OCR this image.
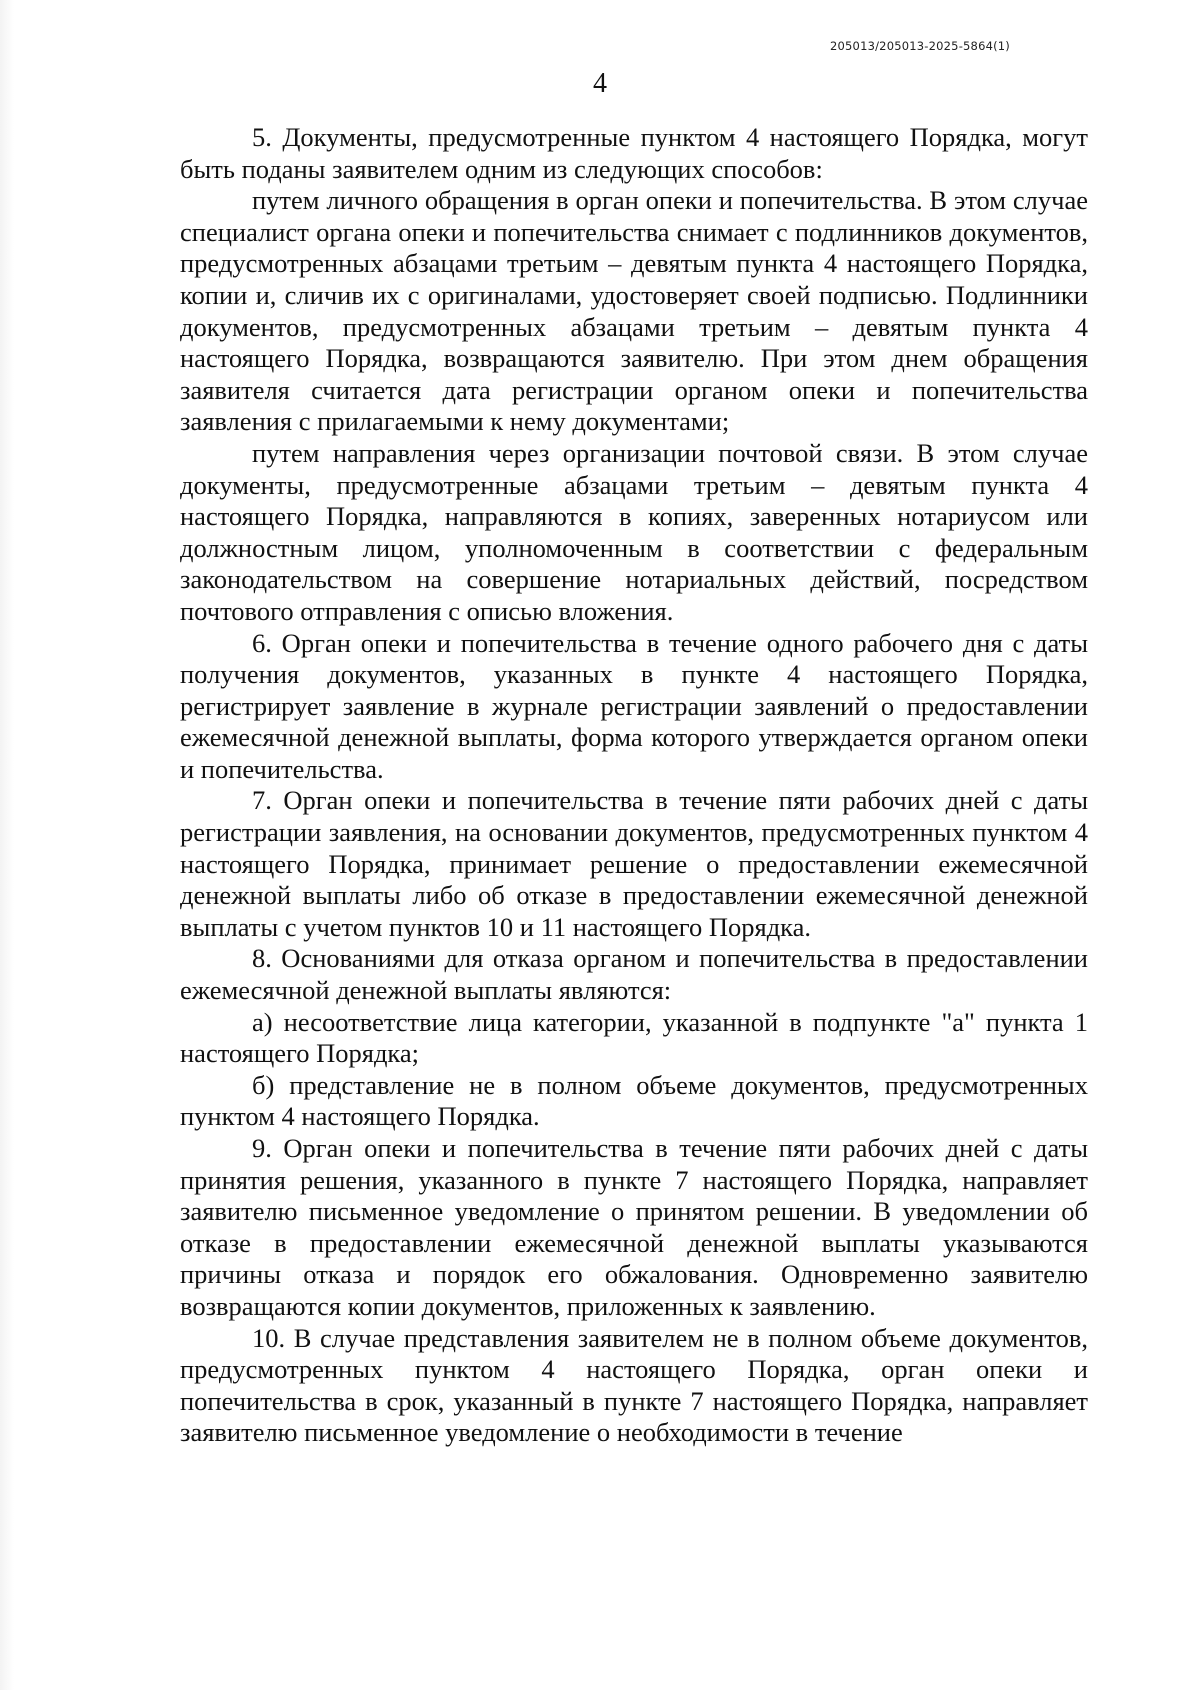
205013/205013-2025-5864(1)
4

5. Документы, предусмотренные пунктом 4 настоящего Порядка, могут быть поданы заявителем одним из следующих способов:

путем личного обращения в орган опеки и попечительства. В этом случае специалист органа опеки и попечительства снимает с подлинников документов, предусмотренных абзацами третьим – девятым пункта 4 настоящего Порядка, копии и, сличив их с оригиналами, удостоверяет своей подписью. Подлинники документов, предусмотренных абзацами третьим – девятым пункта 4 настоящего Порядка, возвращаются заявителю. При этом днем обращения заявителя считается дата регистрации органом опеки и попечительства заявления с прилагаемыми к нему документами;

путем направления через организации почтовой связи. В этом случае документы, предусмотренные абзацами третьим – девятым пункта 4 настоящего Порядка, направляются в копиях, заверенных нотариусом или должностным лицом, уполномоченным в соответствии с федеральным законодательством на совершение нотариальных действий, посредством почтового отправления с описью вложения.

6. Орган опеки и попечительства в течение одного рабочего дня с даты получения документов, указанных в пункте 4 настоящего Порядка, регистрирует заявление в журнале регистрации заявлений о предоставлении ежемесячной денежной выплаты, форма которого утверждается органом опеки и попечительства.

7. Орган опеки и попечительства в течение пяти рабочих дней с даты регистрации заявления, на основании документов, предусмотренных пунктом 4 настоящего Порядка, принимает решение о предоставлении ежемесячной денежной выплаты либо об отказе в предоставлении ежемесячной денежной выплаты с учетом пунктов 10 и 11 настоящего Порядка.

8. Основаниями для отказа органом и попечительства в предоставлении ежемесячной денежной выплаты являются:

а) несоответствие лица категории, указанной в подпункте "а" пункта 1 настоящего Порядка;

б) представление не в полном объеме документов, предусмотренных пунктом 4 настоящего Порядка.

9. Орган опеки и попечительства в течение пяти рабочих дней с даты принятия решения, указанного в пункте 7 настоящего Порядка, направляет заявителю письменное уведомление о принятом решении. В уведомлении об отказе в предоставлении ежемесячной денежной выплаты указываются причины отказа и порядок его обжалования. Одновременно заявителю возвращаются копии документов, приложенных к заявлению.

10. В случае представления заявителем не в полном объеме документов, предусмотренных пунктом 4 настоящего Порядка, орган опеки и попечительства в срок, указанный в пункте 7 настоящего Порядка, направляет заявителю письменное уведомление о необходимости в течение
